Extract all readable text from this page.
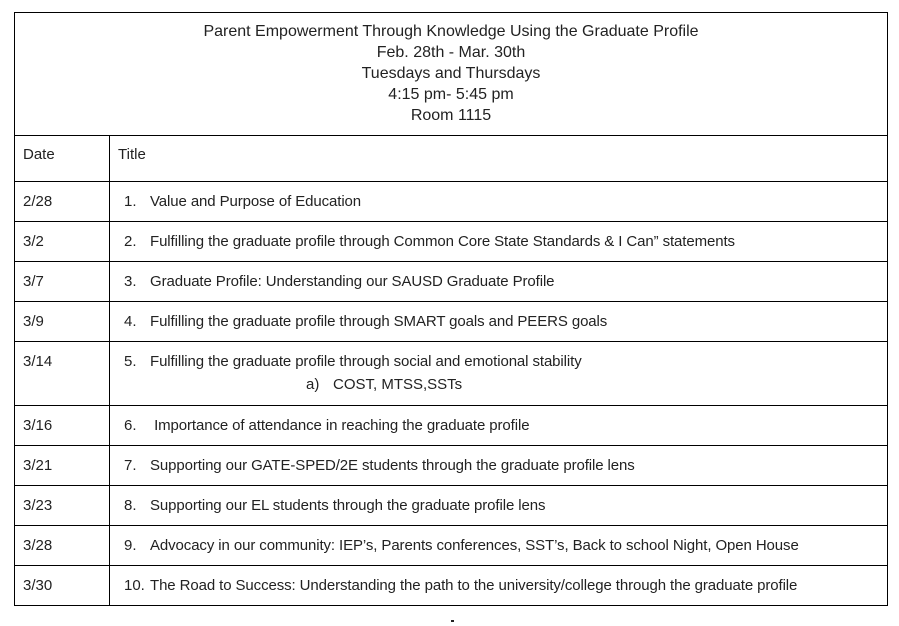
Parent Empowerment Through Knowledge Using the Graduate Profile
Feb. 28th - Mar. 30th
Tuesdays and Thursdays
4:15 pm- 5:45 pm
Room 1115	

Date	Title
2/28	1. Value and Purpose of Education
3/2	2. Fulfilling the graduate profile through Common Core State Standards & I Can” statements
3/7	3. Graduate Profile: Understanding our SAUSD Graduate Profile
3/9	4. Fulfilling the graduate profile through SMART goals and PEERS goals
3/14	5. Fulfilling the graduate profile through social and emotional stability
a) COST, MTSS,SSTs

3/16	6. Importance of attendance in reaching the graduate profile
3/21	7. Supporting our GATE-SPED/2E students through the graduate profile lens
3/23	8. Supporting our EL students through the graduate profile lens
3/28	9. Advocacy in our community: IEP’s, Parents conferences, SST’s, Back to school Night, Open House
3/30	10. The Road to Success: Understanding the path to the university/college through the graduate profile
